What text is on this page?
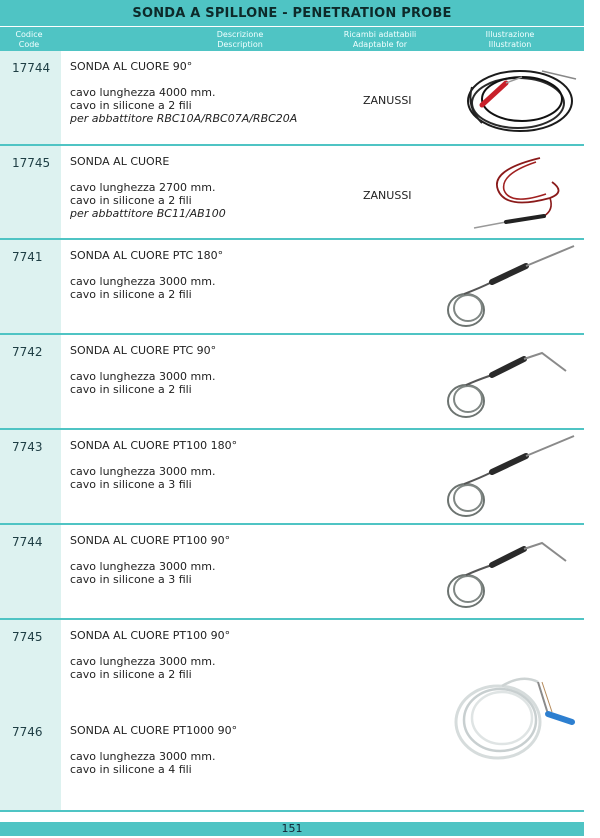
SONDA A SPILLONE - PENETRATION PROBE
Codice
Code
Descrizione
Description
Ricambi adattabili
Adaptable for
Illustrazione
Illustration
17744 SONDA AL CUORE 90°
cavo lunghezza 4000 mm.
cavo in silicone a 2 fili
per abbattitore RBC10A/RBC07A/RBC20A
ZANUSSI
17745 SONDA AL CUORE
cavo lunghezza 2700 mm.
cavo in silicone a 2 fili
per abbattitore BC11/AB100
ZANUSSI
7741 SONDA AL CUORE PTC 180°
cavo lunghezza 3000 mm.
cavo in silicone a 2 fili
7742 SONDA AL CUORE PTC 90°
cavo lunghezza 3000 mm.
cavo in silicone a 2 fili
7743 SONDA AL CUORE PT100 180°
cavo lunghezza 3000 mm.
cavo in silicone a 3 fili
7744 SONDA AL CUORE PT100 90°
cavo lunghezza 3000 mm.
cavo in silicone a 3 fili
7745 SONDA AL CUORE PT100 90°
cavo lunghezza 3000 mm.
cavo in silicone a 2 fili
7746 SONDA AL CUORE PT1000 90°
cavo lunghezza 3000 mm.
cavo in silicone a 4 fili
151
